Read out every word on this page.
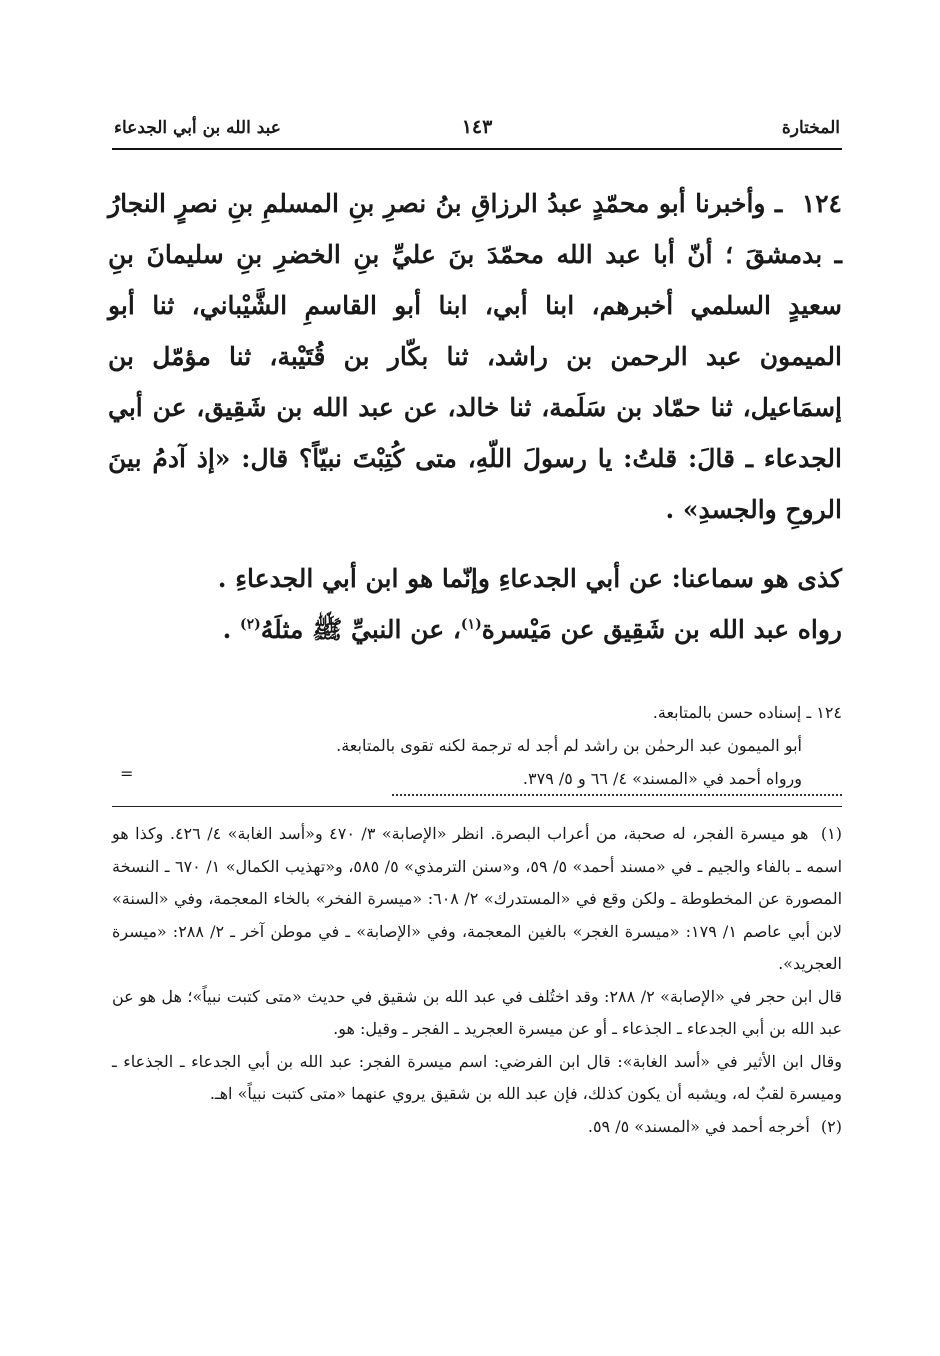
المختارة
١٤٣
عبد الله بن أبي الجدعاء

١٢٤ ـ وأخبرنا أبو محمّدٍ عبدُ الرزاقِ بنُ نصرِ بنِ المسلمِ بنِ نصرٍ النجارُ ـ بدمشقَ ؛ أنّ أبا عبد الله محمّدَ بنَ عليِّ بنِ الخضرِ بنِ سليمانَ بنِ سعيدٍ السلمي أخبرهم، ابنا أبي، ابنا أبو القاسمِ الشَّيْباني، ثنا أبو الميمون عبد الرحمن بن راشد، ثنا بكّار بن قُتَيْبة، ثنا مؤمّل بن إسمَاعيل، ثنا حمّاد بن سَلَمة، ثنا خالد، عن عبد الله بن شَقِيق، عن أبي الجدعاء ـ قالَ: قلتُ: يا رسولَ اللّهِ، متى كُتِبْتَ نبيّاً؟ قال: «إذ آدمُ بينَ الروحِ والجسدِ» .

كذى هو سماعنا: عن أبي الجدعاءِ وإنّما هو ابن أبي الجدعاءِ .

رواه عبد الله بن شَقِيق عن مَيْسرة$^{(١)}$، عن النبيِّ ﷺ مثلَهُ$^{(٢)}$ .

١٢٤ ـ إسناده حسن بالمتابعة.

أبو الميمون عبد الرحمٰن بن راشد لم أجد له ترجمة لكنه تقوى بالمتابعة.

ورواه أحمد في «المسند» ٤/ ٦٦ و ٥/ ٣٧٩.

=

(١) هو ميسرة الفجر، له صحبة، من أعراب البصرة. انظر «الإصابة» ٣/ ٤٧٠ و«أسد الغابة» ٤/ ٤٢٦. وكذا هو اسمه ـ بالفاء والجيم ـ في «مسند أحمد» ٥/ ٥٩، و«سنن الترمذي» ٥/ ٥٨٥، و«تهذيب الكمال» ١/ ٦٧٠ ـ النسخة المصورة عن المخطوطة ـ ولكن وقع في «المستدرك» ٢/ ٦٠٨: «ميسرة الفخر» بالخاء المعجمة، وفي «السنة» لابن أبي عاصم ١/ ١٧٩: «ميسرة الغجر» بالغين المعجمة، وفي «الإصابة» ـ في موطن آخر ـ ٢/ ٢٨٨: «ميسرة العجريد».

قال ابن حجر في «الإصابة» ٢/ ٢٨٨: وقد اختُلف في عبد الله بن شقيق في حديث «متى كتبت نبياً»؛ هل هو عن عبد الله بن أبي الجدعاء ـ الجذعاء ـ أو عن ميسرة العجريد ـ الفجر ـ وقيل: هو.

وقال ابن الأثير في «أسد الغابة»: قال ابن الفرضي: اسم ميسرة الفجر: عبد الله بن أبي الجدعاء ـ الجذعاء ـ وميسرة لقبٌ له، ويشبه أن يكون كذلك، فإن عبد الله بن شقيق يروي عنهما «متى كتبت نبياً» اهـ.

(٢) أخرجه أحمد في «المسند» ٥/ ٥٩.
